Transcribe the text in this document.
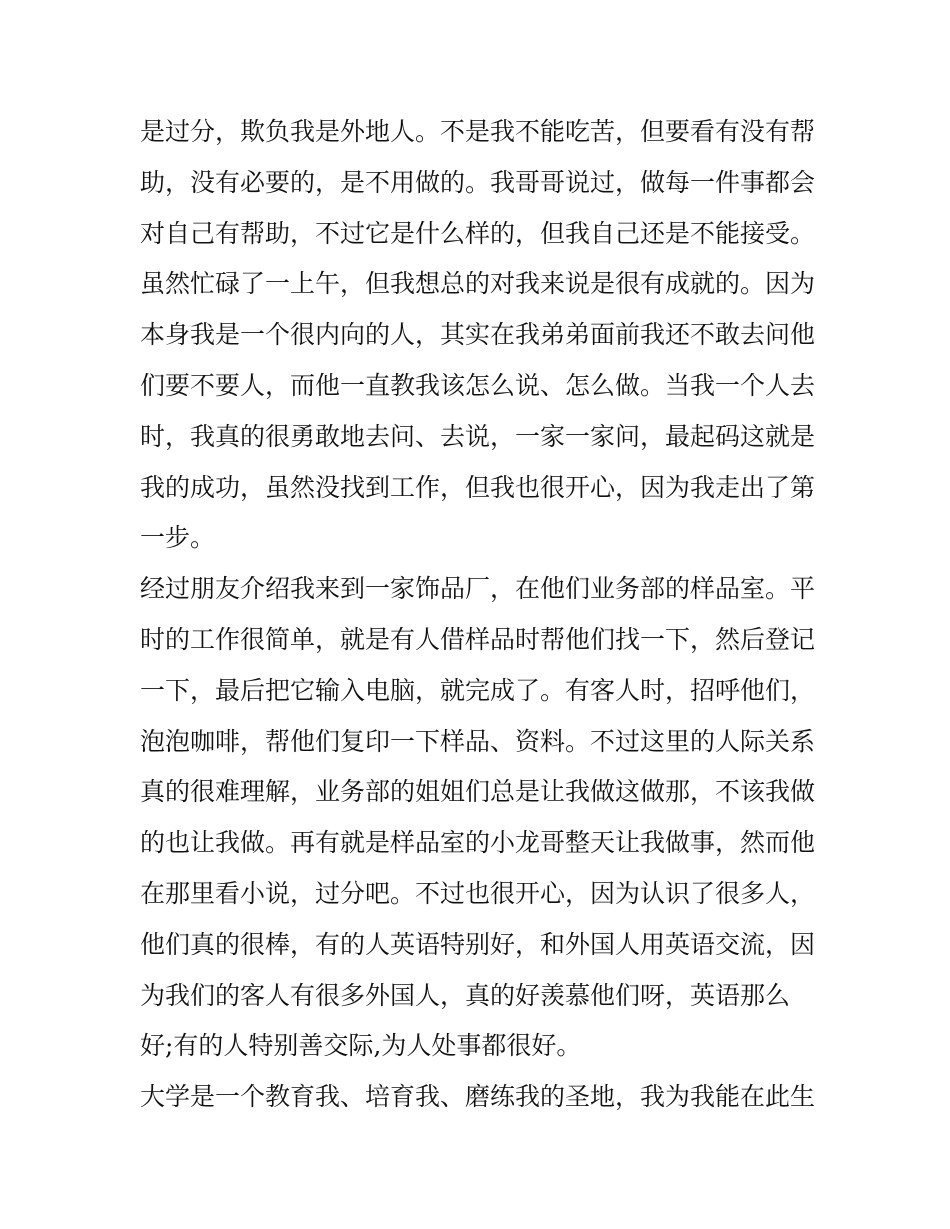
是过分，欺负我是外地人。不是我不能吃苦，但要看有没有帮

助，没有必要的，是不用做的。我哥哥说过，做每一件事都会

对自己有帮助，不过它是什么样的，但我自己还是不能接受。

虽然忙碌了一上午，但我想总的对我来说是很有成就的。因为

本身我是一个很内向的人，其实在我弟弟面前我还不敢去问他

们要不要人，而他一直教我该怎么说、怎么做。当我一个人去

时，我真的很勇敢地去问、去说，一家一家问，最起码这就是

我的成功，虽然没找到工作，但我也很开心，因为我走出了第

一步。

经过朋友介绍我来到一家饰品厂，在他们业务部的样品室。平

时的工作很简单，就是有人借样品时帮他们找一下，然后登记

一下，最后把它输入电脑，就完成了。有客人时，招呼他们，

泡泡咖啡，帮他们复印一下样品、资料。不过这里的人际关系

真的很难理解，业务部的姐姐们总是让我做这做那，不该我做

的也让我做。再有就是样品室的小龙哥整天让我做事，然而他

在那里看小说，过分吧。不过也很开心，因为认识了很多人，

他们真的很棒，有的人英语特别好，和外国人用英语交流，因

为我们的客人有很多外国人，真的好羡慕他们呀，英语那么

好;有的人特别善交际,为人处事都很好。

大学是一个教育我、培育我、磨练我的圣地，我为我能在此生
